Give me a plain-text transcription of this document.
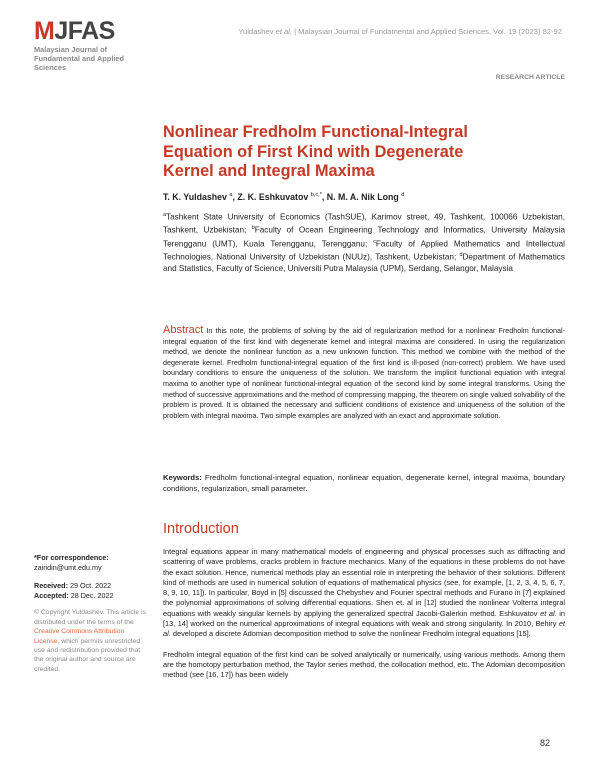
MJFAS
Malaysian Journal of
Fundamental and Applied
Sciences
Yuldashev et al. | Malaysian Journal of Fundamental and Applied Sciences, Vol. 19 (2023) 82-92
RESEARCH ARTICLE
Nonlinear Fredholm Functional-Integral Equation of First Kind with Degenerate Kernel and Integral Maxima
T. K. Yuldashev $^a$, Z. K. Eshkuvatov $^{b,c,*}$, N. M. A. Nik Long $^d$
$^a$Tashkent State University of Economics (TashSUE), Karimov street, 49, Tashkent, 100066 Uzbekistan, Tashkent, Uzbekistan; $^b$Faculty of Ocean Engineering Technology and Informatics, University Malaysia Terengganu (UMT), Kuala Terengganu, Terengganu; $^c$Faculty of Applied Mathematics and Intellectual Technologies, National University of Uzbekistan (NUUz), Tashkent, Uzbekistan; $^d$Department of Mathematics and Statistics, Faculty of Science, Universiti Putra Malaysia (UPM), Serdang, Selangor, Malaysia
Abstract In this note, the problems of solving by the aid of regularization method for a nonlinear Fredholm functional-integral equation of the first kind with degenerate kernel and integral maxima are considered. In using the regularization method, we denote the nonlinear function as a new unknown function. This method we combine with the method of the degenerate kernel. Fredholm functional-integral equation of the first kind is ill-posed (non-correct) problem. We have used boundary conditions to ensure the uniqueness of the solution. We transform the implicit functional equation with integral maxima to another type of nonlinear functional-integral equation of the second kind by some integral transforms. Using the method of successive approximations and the method of compressing mapping, the theorem on single valued solvability of the problem is proved. It is obtained the necessary and sufficient conditions of existence and uniqueness of the solution of the problem with integral maxima. Two simple examples are analyzed with an exact and approximate solution.
Keywords: Fredholm functional-integral equation, nonlinear equation, degenerate kernel, integral maxima, boundary conditions, regularization, small parameter.
Introduction
*For correspondence:
zairidin@umt.edu.my
Received: 29 Oct. 2022
Accepted: 28 Dec. 2022
© Copyright Yuldashev. This article is distributed under the terms of the Creative Commons Attribution License, which permits unrestricted use and redistribution provided that the original author and source are credited.

Integral equations appear in many mathematical models of engineering and physical processes such as diffracting and scattering of wave problems, cracks problem in fracture mechanics. Many of the equations in these problems do not have the exact solution. Hence, numerical methods play an essential role in interpreting the behavior of their solutions. Different kind of methods are used in numerical solution of equations of mathematical physics (see, for example, [1, 2, 3, 4, 5, 6, 7, 8, 9, 10, 11]). In particular, Boyd in [5] discussed the Chebyshev and Fourier spectral methods and Furano in [7] explained the polynomial approximations of solving differential equations. Shen et. al in [12] studied the nonlinear Volterra integral equations with weakly singular kernels by applying the generalized spectral Jacobi-Galerkin method. Eshkuvatov et al. in [13, 14] worked on the numerical approximations of integral equations with weak and strong singularity. In 2010, Behiry et al. developed a discrete Adomian decomposition method to solve the nonlinear Fredholm integral equations [15].

Fredholm integral equation of the first kind can be solved analytically or numerically, using various methods. Among them are the homotopy perturbation method, the Taylor series method, the collocation method, etc. The Adomian decomposition method (see [16, 17]) has been widely

82
